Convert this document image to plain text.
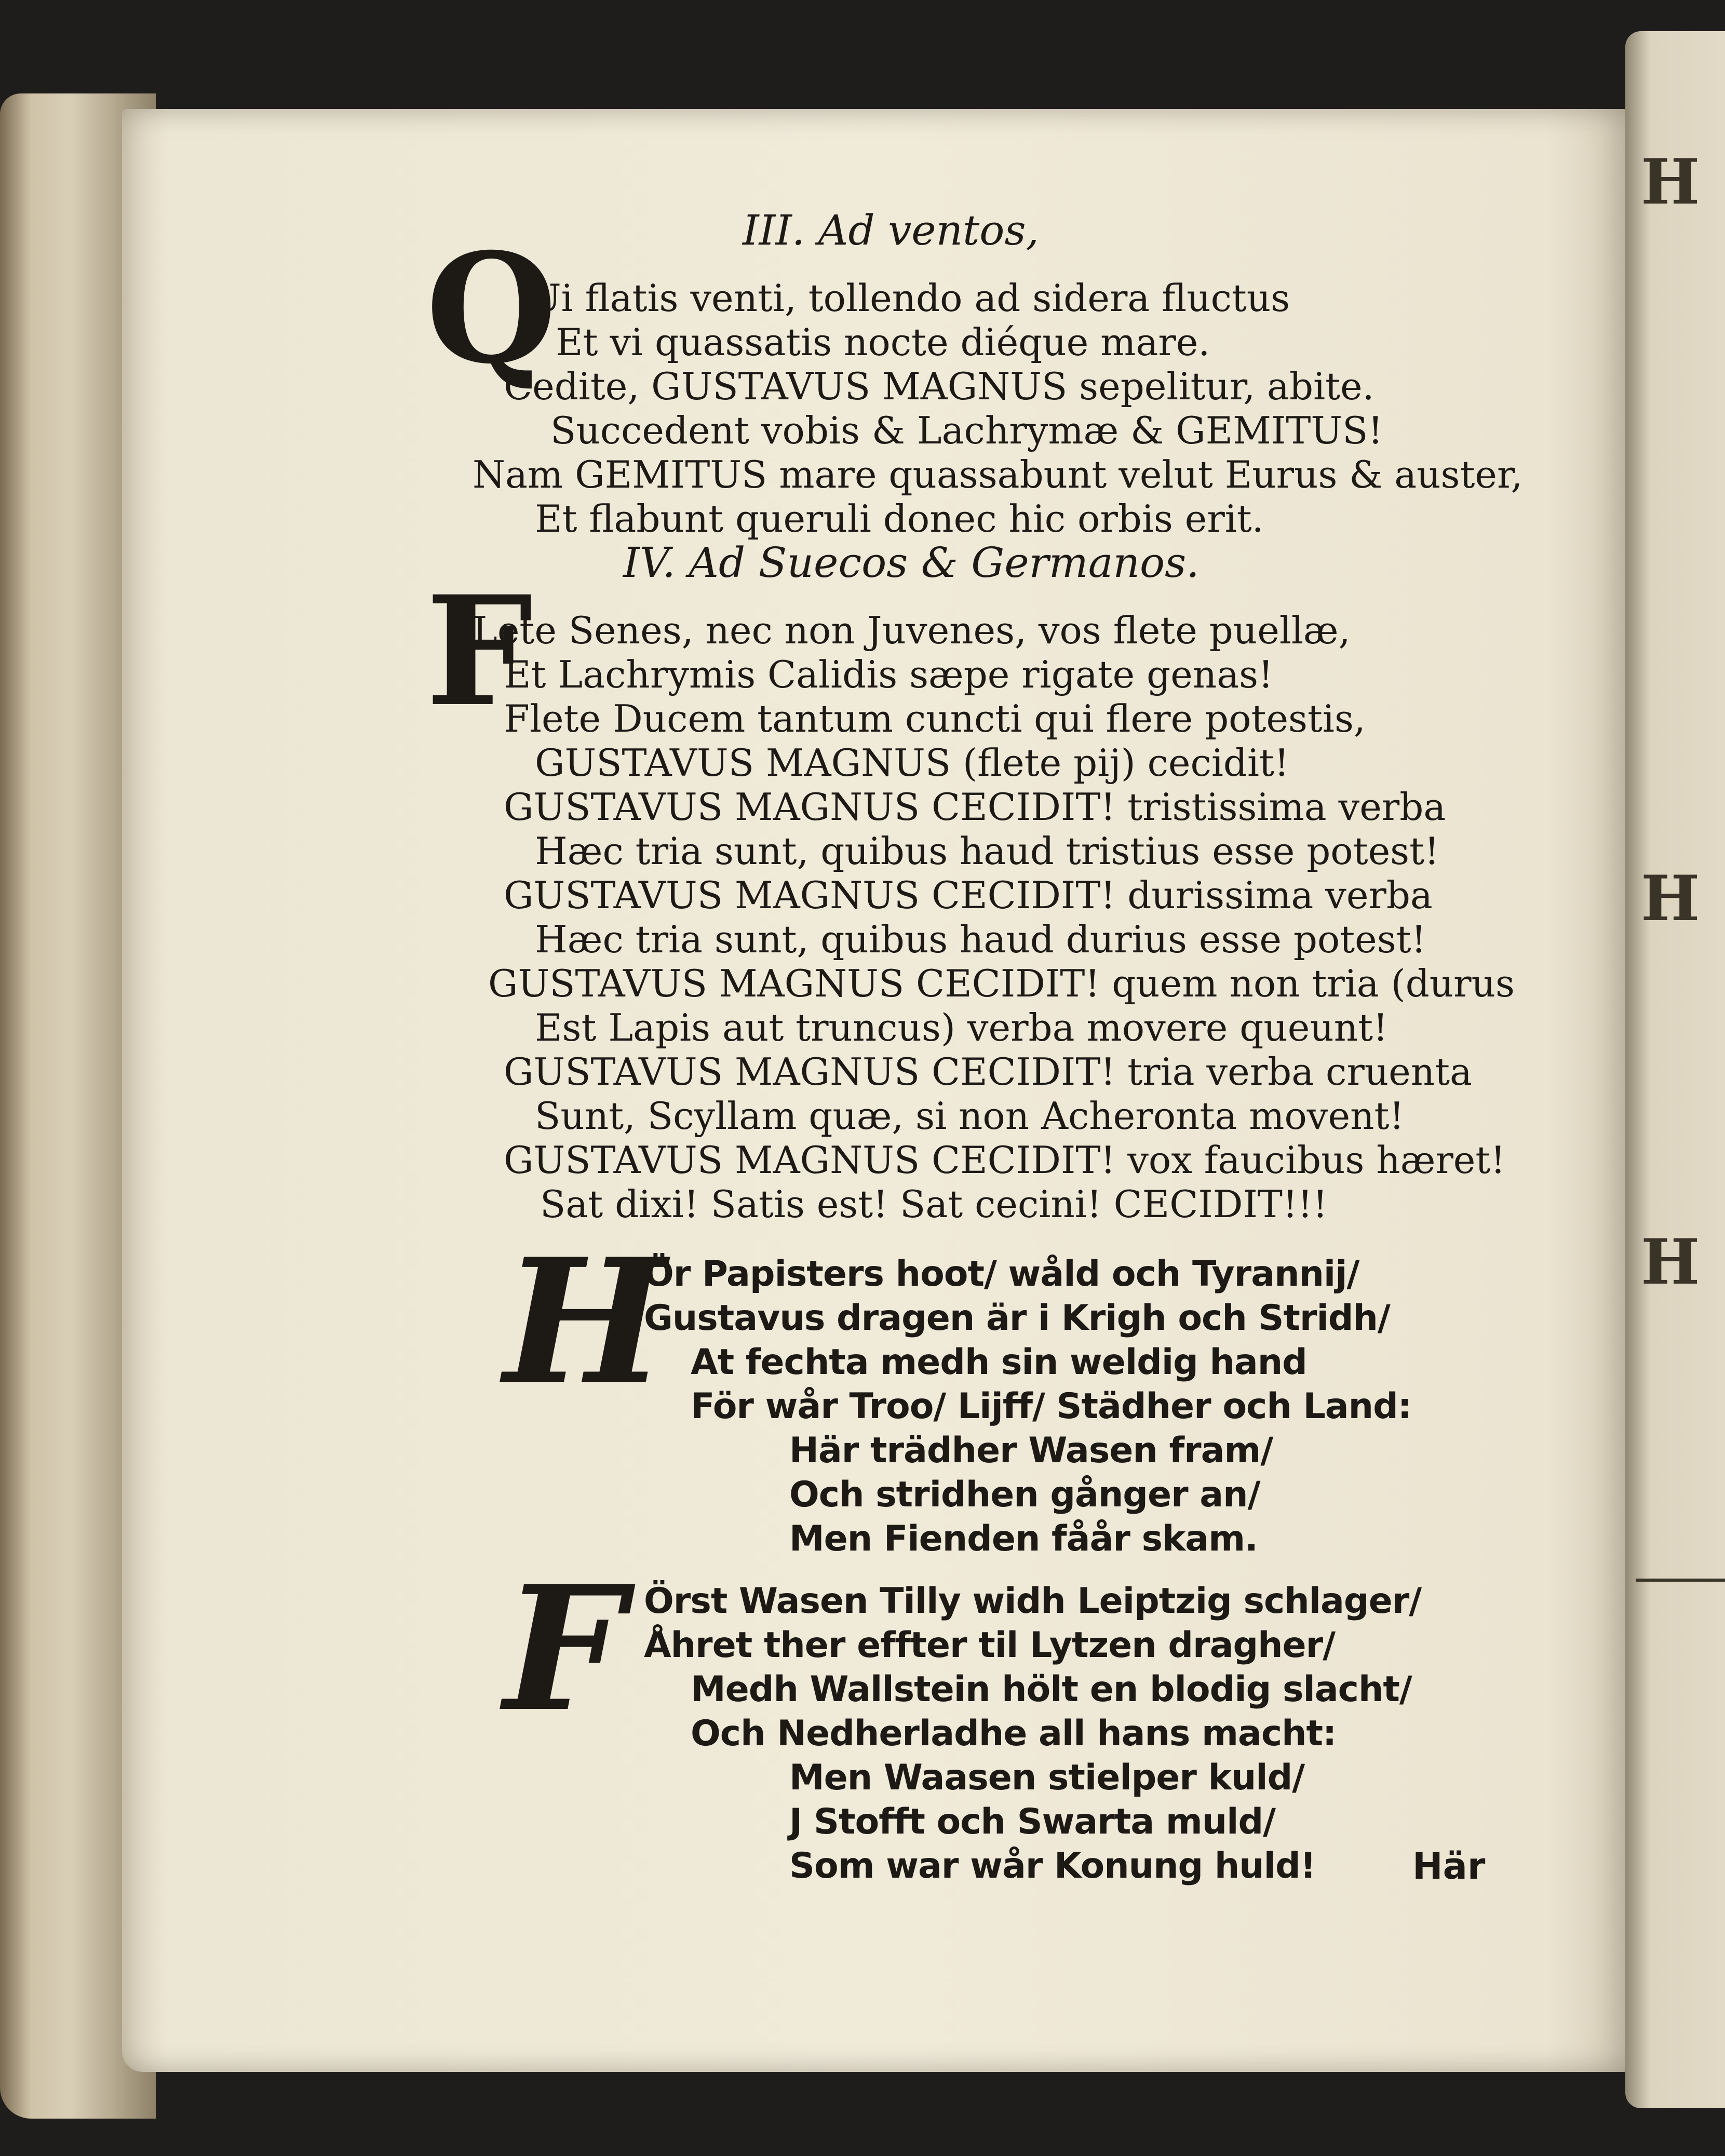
H
H
H
III. Ad ventos,
Q
Ui flatis venti, tollendo ad sidera fluctus
Et vi quassatis nocte diéque mare.
Cedite, GUSTAVUS MAGNUS sepelitur, abite.
Succedent vobis & Lachrymæ & GEMITUS!
Nam GEMITUS mare quassabunt velut Eurus & auster,
Et flabunt queruli donec hic orbis erit.
IV. Ad Suecos & Germanos.
F
Lete Senes, nec non Juvenes, vos flete puellæ,
Et Lachrymis Calidis sæpe rigate genas!
Flete Ducem tantum cuncti qui flere potestis,
GUSTAVUS MAGNUS (flete pij) cecidit!
GUSTAVUS MAGNUS CECIDIT! tristissima verba
Hæc tria sunt, quibus haud tristius esse potest!
GUSTAVUS MAGNUS CECIDIT! durissima verba
Hæc tria sunt, quibus haud durius esse potest!
GUSTAVUS MAGNUS CECIDIT! quem non tria (durus
Est Lapis aut truncus) verba movere queunt!
GUSTAVUS MAGNUS CECIDIT! tria verba cruenta
Sunt, Scyllam quæ, si non Acheronta movent!
GUSTAVUS MAGNUS CECIDIT! vox faucibus hæret!
Sat dixi! Satis est! Sat cecini! CECIDIT!!!
H
Ör Papisters hoot/ wåld och Tyrannij/
Gustavus dragen är i Krigh och Stridh/
At fechta medh sin weldig hand
För wår Troo/ Lijff/ Städher och Land:
Här trädher Wasen fram/
Och stridhen gånger an/
Men Fienden fåår skam.
F Örst Wasen Tilly widh Leiptzig schlager/
Åhret ther effter til Lytzen dragher/
Medh Wallstein hölt en blodig slacht/
Och Nedherladhe all hans macht:
Men Waasen stielper kuld/
J Stofft och Swarta muld/
Som war wår Konung huld!	Här
